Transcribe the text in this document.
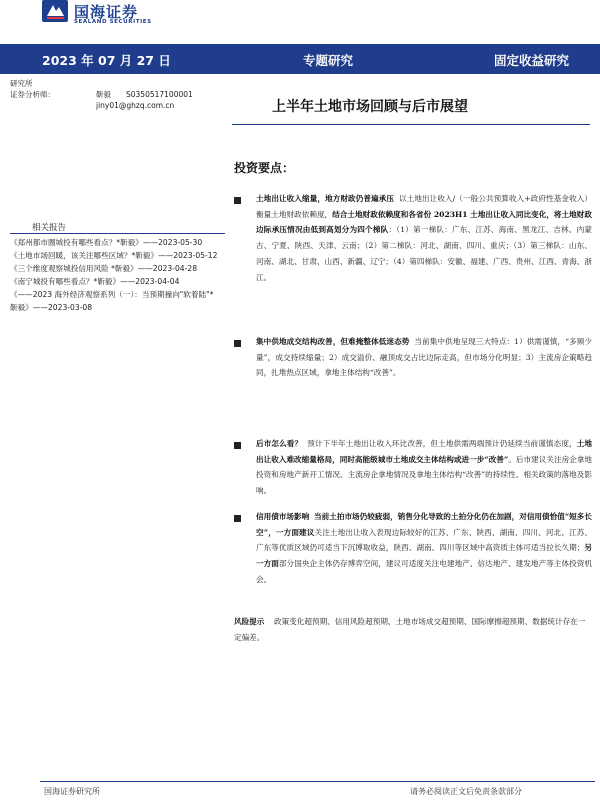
国海证券
SEALAND SECURITIES
2023 年 07 月 27 日	专题研究	固定收益研究
研究所
证券分析师：	靳毅 S0350517100001
jiny01@ghzq.com.cn	上半年土地市场回顾与后市展望
相关报告
《郑州都市圈城投有哪些看点？*靳毅》——2023-05-30
《土地市场回暖，该关注哪些区域？*靳毅》——2023-05-12
《三个维度观察城投信用风险 *靳毅》——2023-04-28
《南宁城投有哪些看点？*靳毅》——2023-04-04
《——2023 海外经济观察系列（一）：当预期撞向"软着陆"*靳毅》——2023-03-08
投资要点：
土地出让收入缩量，地方财政仍普遍承压 以土地出让收入/（一般公共预算收入+政府性基金收入）衡量土地财政依赖度，结合土地财政依赖度和各省份 2023H1 土地出让收入同比变化，将土地财政边际承压情况由低到高划分为四个梯队：（1）第一梯队：广东、江苏、海南、黑龙江、吉林、内蒙古、宁夏、陕西、天津、云南；（2）第二梯队：河北、湖南、四川、重庆；（3）第三梯队：山东、河南、湖北、甘肃、山西、新疆、辽宁；（4）第四梯队：安徽、福建、广西、贵州、江西、青海、浙江。
集中供地成交结构改善，但难掩整体低迷态势 当前集中供地呈现三大特点：1）供需谨慎，“多频少量”，成交持续缩量；2）成交溢价、融顶成交占比边际走高，但市场分化明显；3）主流房企策略趋同，扎堆热点区域，拿地主体结构“改善”。
后市怎么看？ 预计下半年土地出让收入环比改善，但土地供需两端预计仍延续当前谨慎态度，土地出让收入难改缩量格局，同时高能级城市土地成交主体结构或进一步“改善”。后市建议关注房企拿地投资和房地产新开工情况、主流房企拿地情况及拿地主体结构“改善”的持续性、相关政策的落地及影响。
信用债市场影响 当前土拍市场仍较疲弱，销售分化导致的土拍分化仍在加剧，对信用债恰值“短多长空”，一方面建议关注土地出让收入表现边际较好的江苏、广东、陕西、湖南、四川、河北、江苏、广东等优质区域仍可适当下沉博取收益，陕西、湖南、四川等区域中高资质主体可适当拉长久期；另一方面部分国央企主体仍存博弈空间，建议可适度关注电建地产、信达地产、建发地产等主体投资机会。
风险提示 政策变化超预期、信用风险超预期、土地市场成交超预期、国际摩擦超预期、数据统计存在一定偏差。
国海证券研究所	请务必阅读正文后免责条款部分
